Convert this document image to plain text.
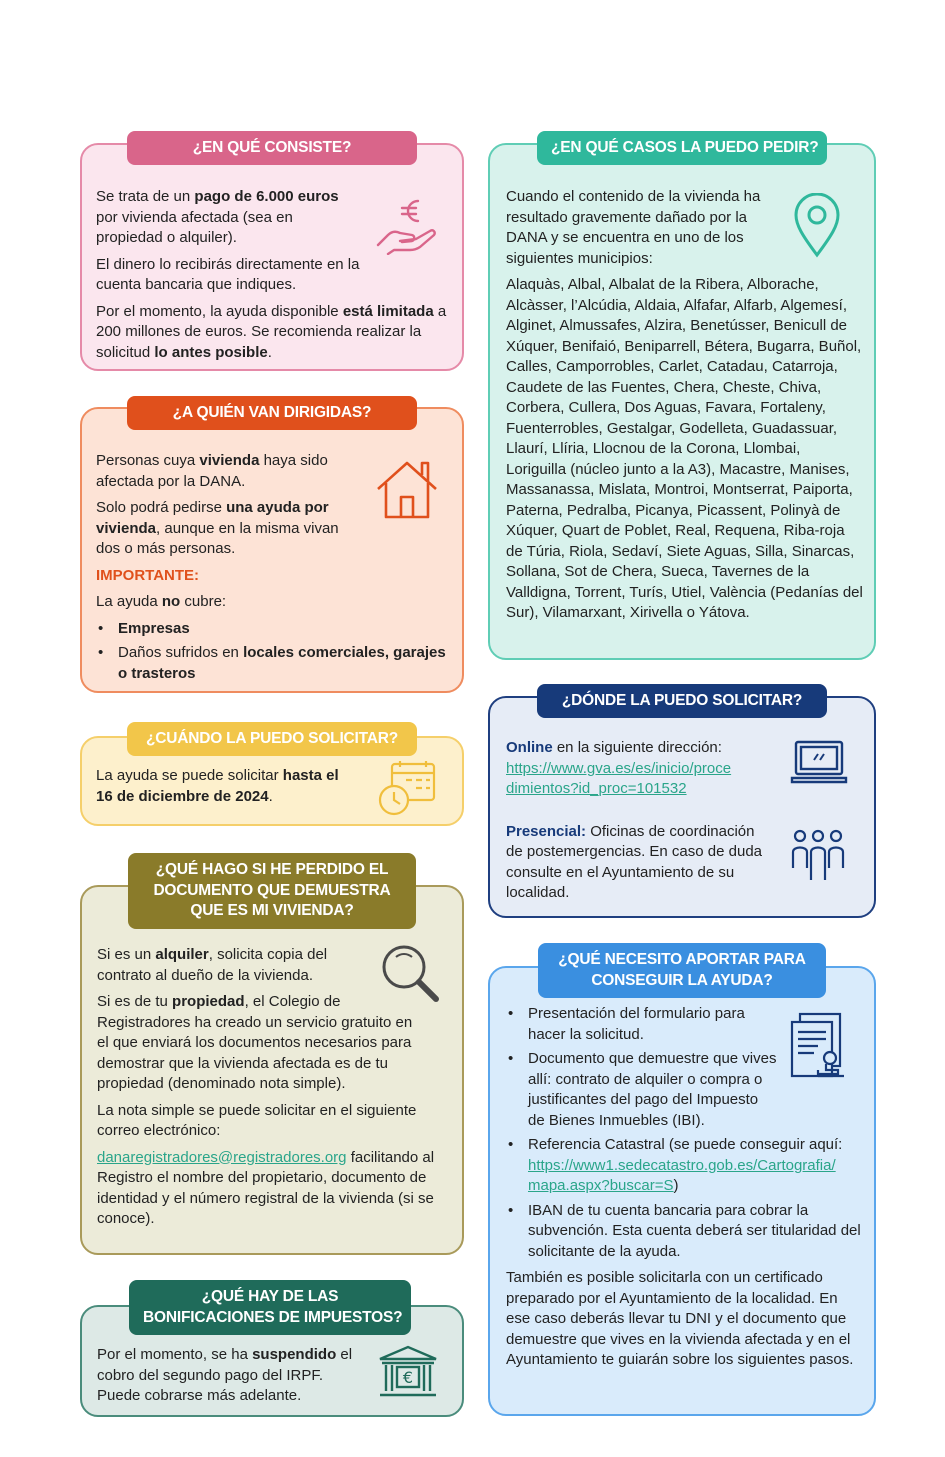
Se trata de un pago de 6.000 euros por vivienda afectada (sea en propiedad o alquiler).

El dinero lo recibirás directamente en la cuenta bancaria que indiques.

Por el momento, la ayuda disponible está limitada a 200 millones de euros. Se recomienda realizar la solicitud lo antes posible.

¿EN QUÉ CONSISTE?

Personas cuya vivienda haya sido afectada por la DANA.

Solo podrá pedirse una ayuda por vivienda, aunque en la misma vivan dos o más personas.

IMPORTANTE:

La ayuda no cubre:

• Empresas
• Daños sufridos en locales comerciales, garajes o trasteros
¿A QUIÉN VAN DIRIGIDAS?

La ayuda se puede solicitar hasta el 16 de diciembre de 2024.

¿CUÁNDO LA PUEDO SOLICITAR?

Si es un alquiler, solicita copia del contrato al dueño de la vivienda.

Si es de tu propiedad, el Colegio de Registradores ha creado un servicio gratuito en el que enviará los documentos necesarios para demostrar que la vivienda afectada es de tu propiedad (denominado nota simple).

La nota simple se puede solicitar en el siguiente correo electrónico:

danaregistradores@registradores.org facilitando al Registro el nombre del propietario, documento de identidad y el número registral de la vivienda (si se conoce).

¿QUÉ HAGO SI HE PERDIDO EL
DOCUMENTO QUE DEMUESTRA
QUE ES MI VIVIENDA?

Por el momento, se ha suspendido el cobro del segundo pago del IRPF. Puede cobrarse más adelante.

€
¿QUÉ HAY DE LAS
BONIFICACIONES DE IMPUESTOS?

Cuando el contenido de la vivienda ha resultado gravemente dañado por la DANA y se encuentra en uno de los siguientes municipios:

Alaquàs, Albal, Albalat de la Ribera, Alborache, Alcàsser, l’Alcúdia, Aldaia, Alfafar, Alfarb, Algemesí, Alginet, Almussafes, Alzira, Benetússer, Benicull de Xúquer, Benifaió, Beniparrell, Bétera, Bugarra, Buñol, Calles, Camporrobles, Carlet, Catadau, Catarroja, Caudete de las Fuentes, Chera, Cheste, Chiva, Corbera, Cullera, Dos Aguas, Favara, Fortaleny, Fuenterrobles, Gestalgar, Godelleta, Guadassuar, Llaurí, Llíria, Llocnou de la Corona, Llombai, Loriguilla (núcleo junto a la A3), Macastre, Manises, Massanassa, Mislata, Montroi, Montserrat, Paiporta, Paterna, Pedralba, Picanya, Picassent, Polinyà de Xúquer, Quart de Poblet, Real, Requena, Riba-roja de Túria, Riola, Sedaví, Siete Aguas, Silla, Sinarcas, Sollana, Sot de Chera, Sueca, Tavernes de la Valldigna, Torrent, Turís, Utiel, València (Pedanías del Sur), Vilamarxant, Xirivella o Yátova.

¿EN QUÉ CASOS LA PUEDO PEDIR?

Online en la siguiente dirección:
https://www.gva.es/es/inicio/proce
dimientos?id_proc=101532

Presencial: Oficinas de coordinación de postemergencias. En caso de duda consulte en el Ayuntamiento de su localidad.

¿DÓNDE LA PUEDO SOLICITAR?
• Presentación del formulario para hacer la solicitud.
• Documento que demuestre que vives allí: contrato de alquiler o compra o justificantes del pago del Impuesto de Bienes Inmuebles (IBI).
• Referencia Catastral (se puede conseguir aquí: https://www1.sedecatastro.gob.es/Cartografia/ mapa.aspx?buscar=S)
• IBAN de tu cuenta bancaria para cobrar la subvención. Esta cuenta deberá ser titularidad del solicitante de la ayuda.

También es posible solicitarla con un certificado preparado por el Ayuntamiento de la localidad. En ese caso deberás llevar tu DNI y el documento que demuestre que vives en la vivienda afectada y en el Ayuntamiento te guiarán sobre los siguientes pasos.

¿QUÉ NECESITO APORTAR PARA
CONSEGUIR LA AYUDA?
